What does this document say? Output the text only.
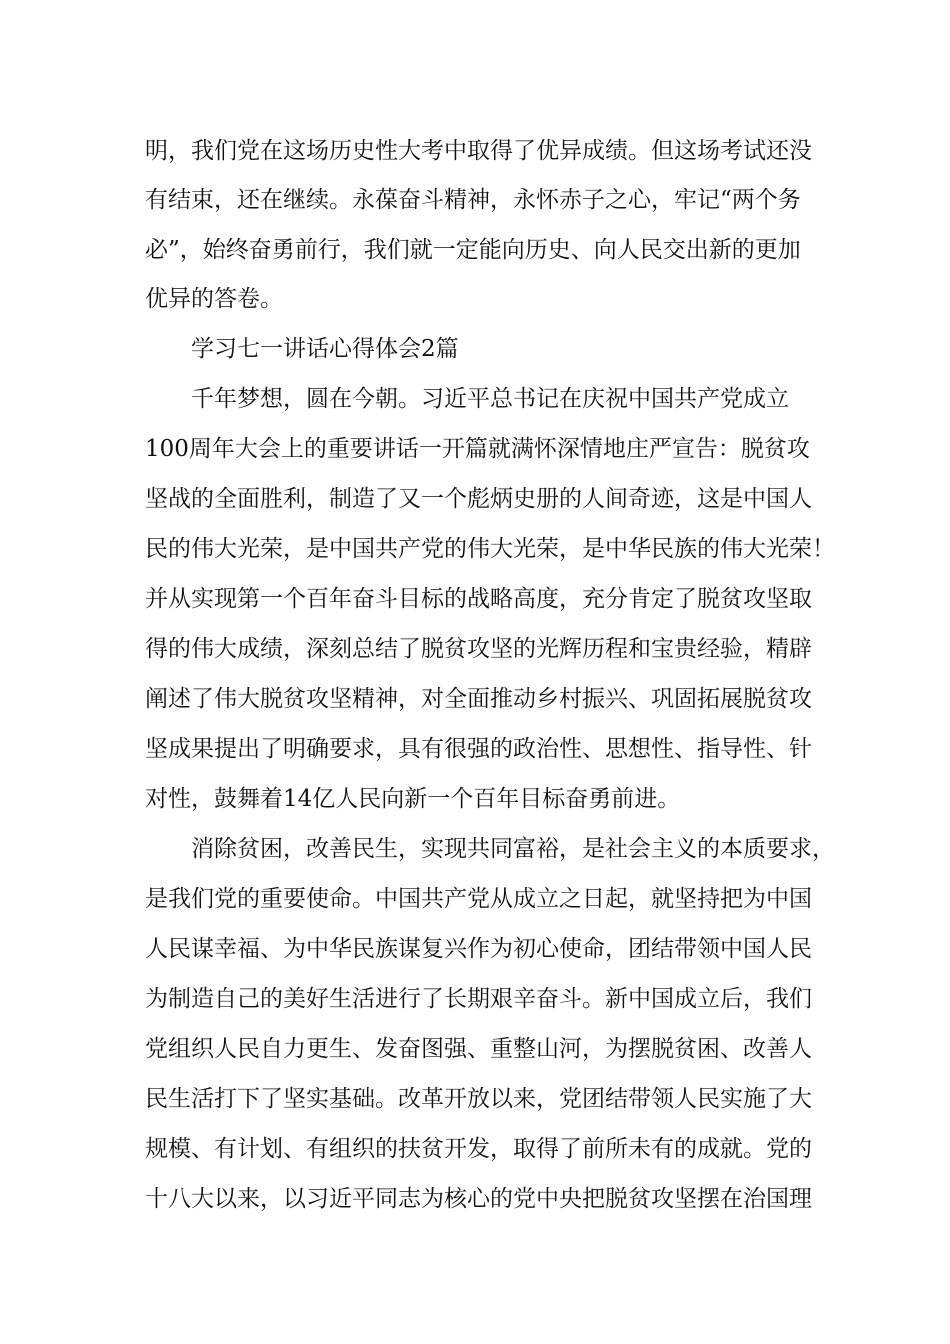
明，我们党在这场历史性大考中取得了优异成绩。但这场考试还没
有结束，还在继续。永葆奋斗精神，永怀赤子之心，牢记“两个务
必”，始终奋勇前行，我们就一定能向历史、向人民交出新的更加
优异的答卷。
学习七一讲话心得体会2篇
千年梦想，圆在今朝。习近平总书记在庆祝中国共产党成立
100周年大会上的重要讲话一开篇就满怀深情地庄严宣告：脱贫攻
坚战的全面胜利，制造了又一个彪炳史册的人间奇迹，这是中国人
民的伟大光荣，是中国共产党的伟大光荣，是中华民族的伟大光荣！
并从实现第一个百年奋斗目标的战略高度，充分肯定了脱贫攻坚取
得的伟大成绩，深刻总结了脱贫攻坚的光辉历程和宝贵经验，精辟
阐述了伟大脱贫攻坚精神，对全面推动乡村振兴、巩固拓展脱贫攻
坚成果提出了明确要求，具有很强的政治性、思想性、指导性、针
对性，鼓舞着14亿人民向新一个百年目标奋勇前进。
消除贫困，改善民生，实现共同富裕，是社会主义的本质要求，
是我们党的重要使命。中国共产党从成立之日起，就坚持把为中国
人民谋幸福、为中华民族谋复兴作为初心使命，团结带领中国人民
为制造自己的美好生活进行了长期艰辛奋斗。新中国成立后，我们
党组织人民自力更生、发奋图强、重整山河，为摆脱贫困、改善人
民生活打下了坚实基础。改革开放以来，党团结带领人民实施了大
规模、有计划、有组织的扶贫开发，取得了前所未有的成就。党的
十八大以来，以习近平同志为核心的党中央把脱贫攻坚摆在治国理
